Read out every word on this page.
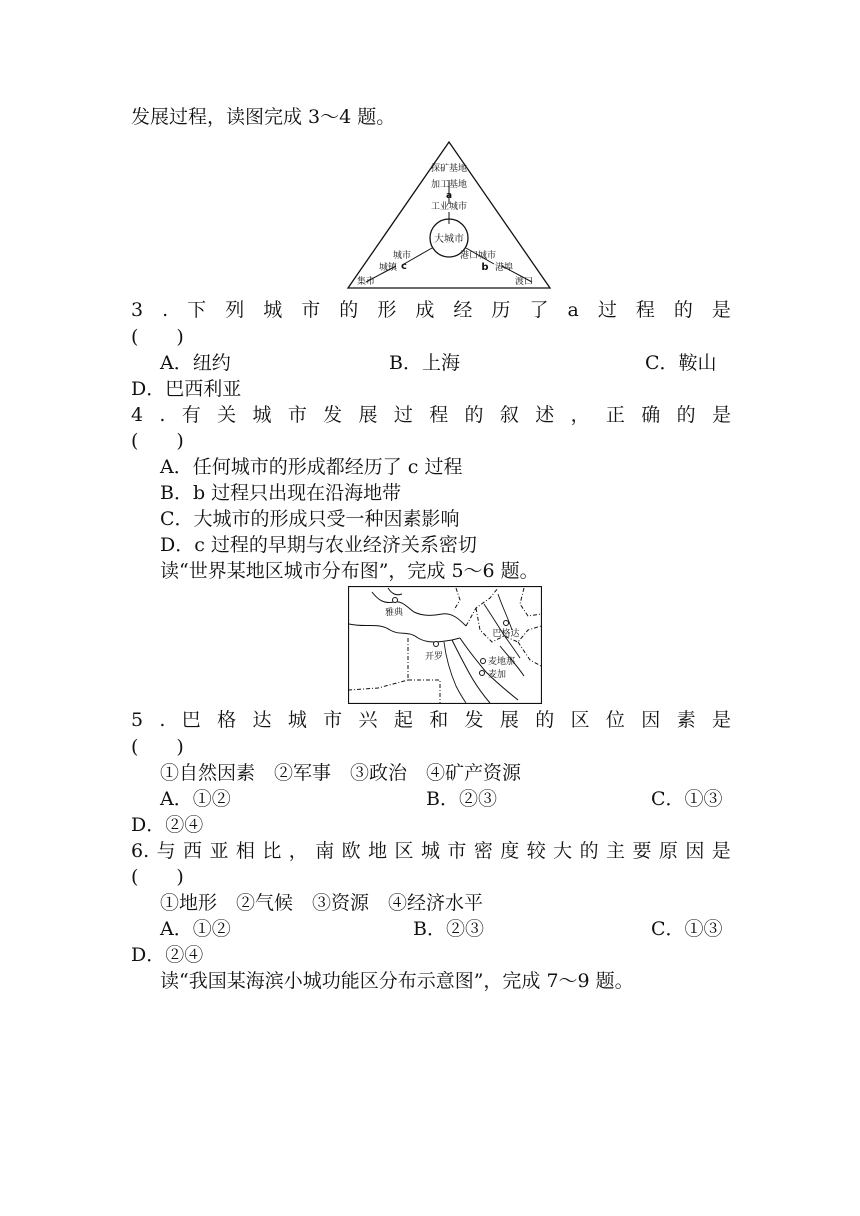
发展过程，读图完成 3～4 题。
探矿基地
加工基地
a
工业城市
大城市
城市
c
城镇
集市
港口城市
b 港埠
渡口
3 . 下 列 城 市 的 形 成 经 历 了 a 过 程 的 是
(　　)
A．纽约	B．上海	C．鞍山
D．巴西利亚
4 . 有 关 城 市 发 展 过 程 的 叙 述 ， 正 确 的 是
(　　)
A．任何城市的形成都经历了 c 过程
B．b 过程只出现在沿海地带
C．大城市的形成只受一种因素影响
D．c 过程的早期与农业经济关系密切
读“世界某地区城市分布图”，完成 5～6 题。
雅典
巴格达
开罗	麦地那
麦加
5 . 巴 格 达 城 市 兴 起 和 发 展 的 区 位 因 素 是
(　　)
①自然因素　②军事　③政治　④矿产资源
A．①②	B．②③	C．①③
D．②④
6. 与 西 亚 相 比 ， 南 欧 地 区 城 市 密 度 较 大 的 主 要 原 因 是
(　　)
①地形　②气候　③资源　④经济水平
A．①②	B．②③	C．①③
D．②④
读“我国某海滨小城功能区分布示意图”，完成 7～9 题。
